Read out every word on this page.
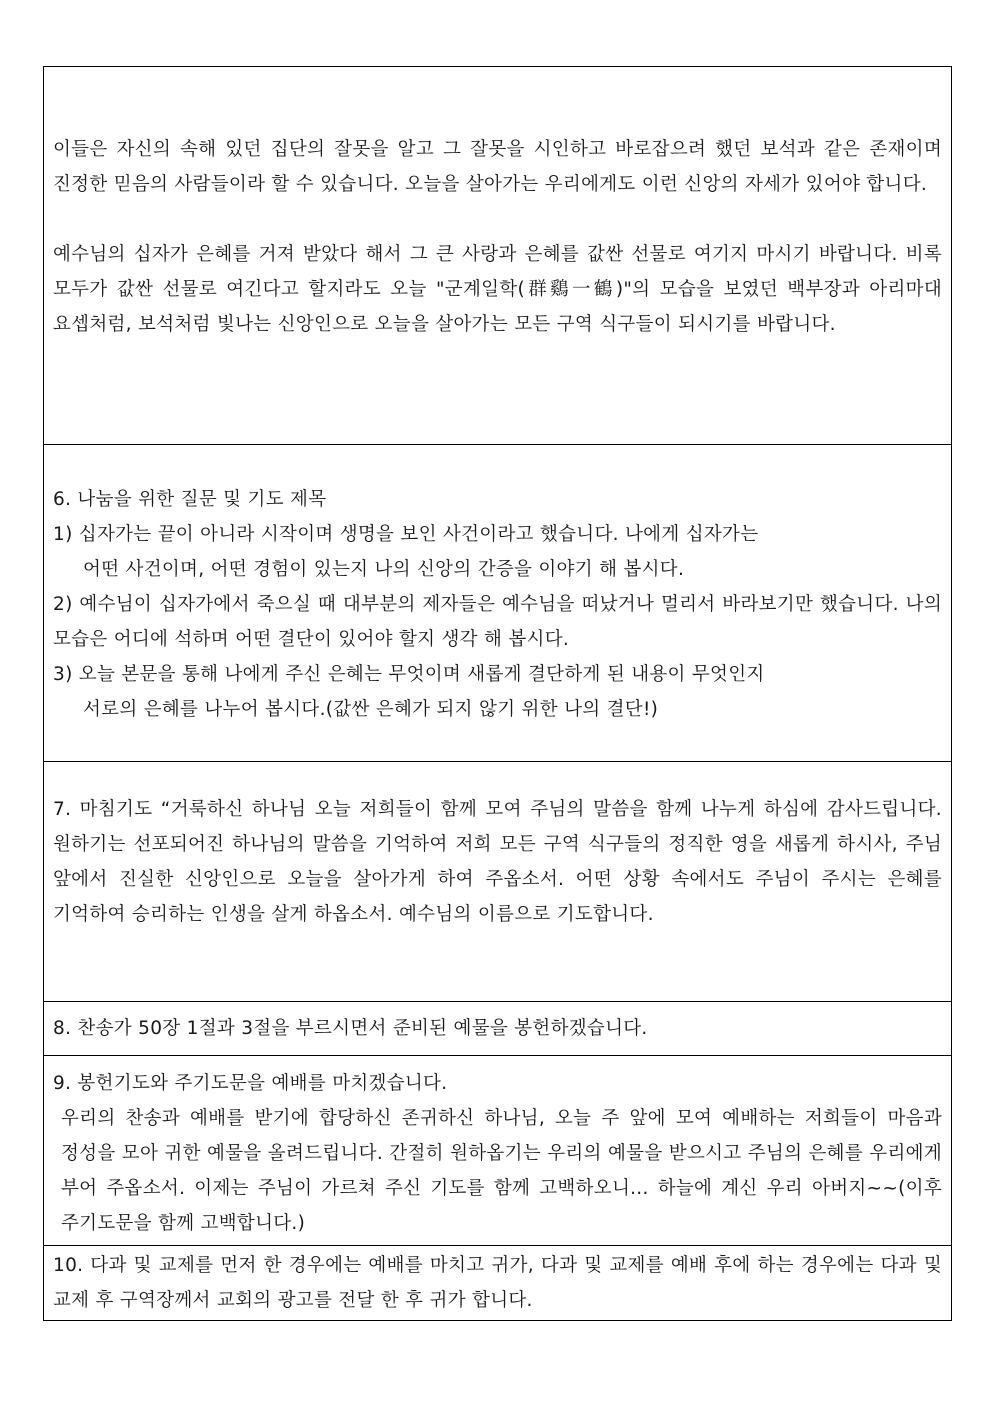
이들은 자신의 속해 있던 집단의 잘못을 알고 그 잘못을 시인하고 바로잡으려 했던 보석과 같은 존재이며 진정한 믿음의 사람들이라 할 수 있습니다. 오늘을 살아가는 우리에게도 이런 신앙의 자세가 있어야 합니다.

예수님의 십자가 은혜를 거져 받았다 해서 그 큰 사랑과 은혜를 값싼 선물로 여기지 마시기 바랍니다. 비록 모두가 값싼 선물로 여긴다고 할지라도 오늘 "군계일학(群鷄一鶴)"의 모습을 보였던 백부장과 아리마대 요셉처럼, 보석처럼 빛나는 신앙인으로 오늘을 살아가는 모든 구역 식구들이 되시기를 바랍니다.

6. 나눔을 위한 질문 및 기도 제목

1) 십자가는 끝이 아니라 시작이며 생명을 보인 사건이라고 했습니다. 나에게 십자가는

어떤 사건이며, 어떤 경험이 있는지 나의 신앙의 간증을 이야기 해 봅시다.

2) 예수님이 십자가에서 죽으실 때 대부분의 제자들은 예수님을 떠났거나 멀리서 바라보기만 했습니다. 나의 모습은 어디에 석하며 어떤 결단이 있어야 할지 생각 해 봅시다.

3) 오늘 본문을 통해 나에게 주신 은혜는 무엇이며 새롭게 결단하게 된 내용이 무엇인지

서로의 은혜를 나누어 봅시다.(값싼 은혜가 되지 않기 위한 나의 결단!)

7. 마침기도 “거룩하신 하나님 오늘 저희들이 함께 모여 주님의 말씀을 함께 나누게 하심에 감사드립니다. 원하기는 선포되어진 하나님의 말씀을 기억하여 저희 모든 구역 식구들의 정직한 영을 새롭게 하시사, 주님 앞에서 진실한 신앙인으로 오늘을 살아가게 하여 주옵소서. 어떤 상황 속에서도 주님이 주시는 은혜를 기억하여 승리하는 인생을 살게 하옵소서. 예수님의 이름으로 기도합니다.

8. 찬송가 50장 1절과 3절을 부르시면서 준비된 예물을 봉헌하겠습니다.

9. 봉헌기도와 주기도문을 예배를 마치겠습니다.

우리의 찬송과 예배를 받기에 합당하신 존귀하신 하나님, 오늘 주 앞에 모여 예배하는 저희들이 마음과 정성을 모아 귀한 예물을 올려드립니다. 간절히 원하옵기는 우리의 예물을 받으시고 주님의 은혜를 우리에게 부어 주옵소서. 이제는 주님이 가르쳐 주신 기도를 함께 고백하오니... 하늘에 계신 우리 아버지~~(이후 주기도문을 함께 고백합니다.)

10. 다과 및 교제를 먼저 한 경우에는 예배를 마치고 귀가, 다과 및 교제를 예배 후에 하는 경우에는 다과 및 교제 후 구역장께서 교회의 광고를 전달 한 후 귀가 합니다.
